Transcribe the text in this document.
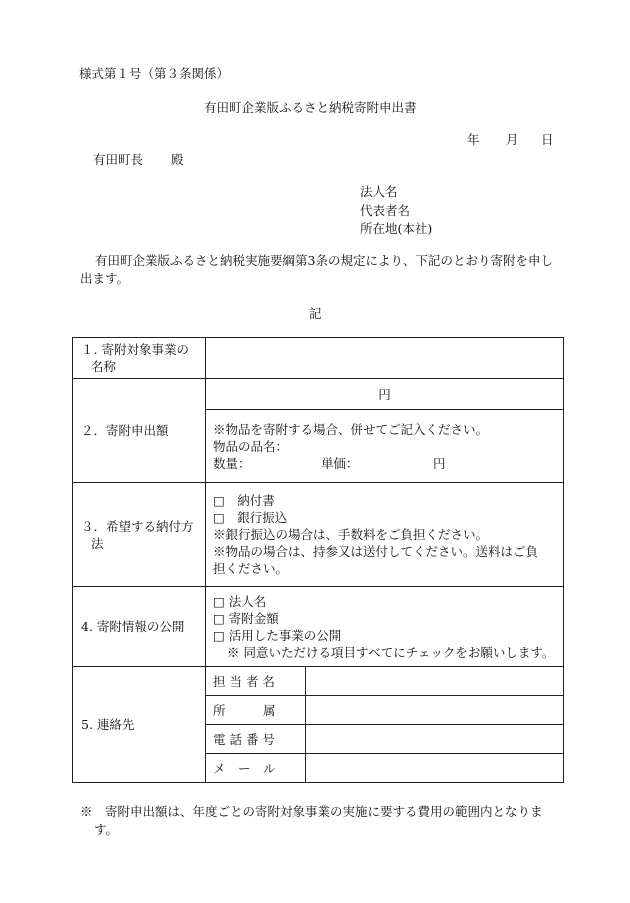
様式第１号（第３条関係）
有田町企業版ふるさと納税寄附申出書
年 月 日
有田町長 殿
法人名
代表者名
所在地(本社)
有田町企業版ふるさと納税実施要綱第3条の規定により、下記のとおり寄附を申し
出ます。
記
１. 寄附対象事業の
名称		

２．寄附申出額	円	

	※物品を寄附する場合、併せてご記入ください。
物品の品名：
数量： 単価： 円	

３．希望する納付方
法	□　納付書
□　銀行振込
※銀行振込の場合は、手数料をご負担ください。
※物品の場合は、持参又は送付してください。送料はご負
担ください。	

4. 寄附情報の公開	□ 法人名
□ 寄附金額
□ 活用した事業の公開
※ 同意いただける項目すべてにチェックをお願いします。	

5. 連絡先	担 当 者 名	
	所　　　属	
	電 話 番 号	
	メ　ー　ル	
※　寄附申出額は、年度ごとの寄附対象事業の実施に要する費用の範囲内となりま
す。
